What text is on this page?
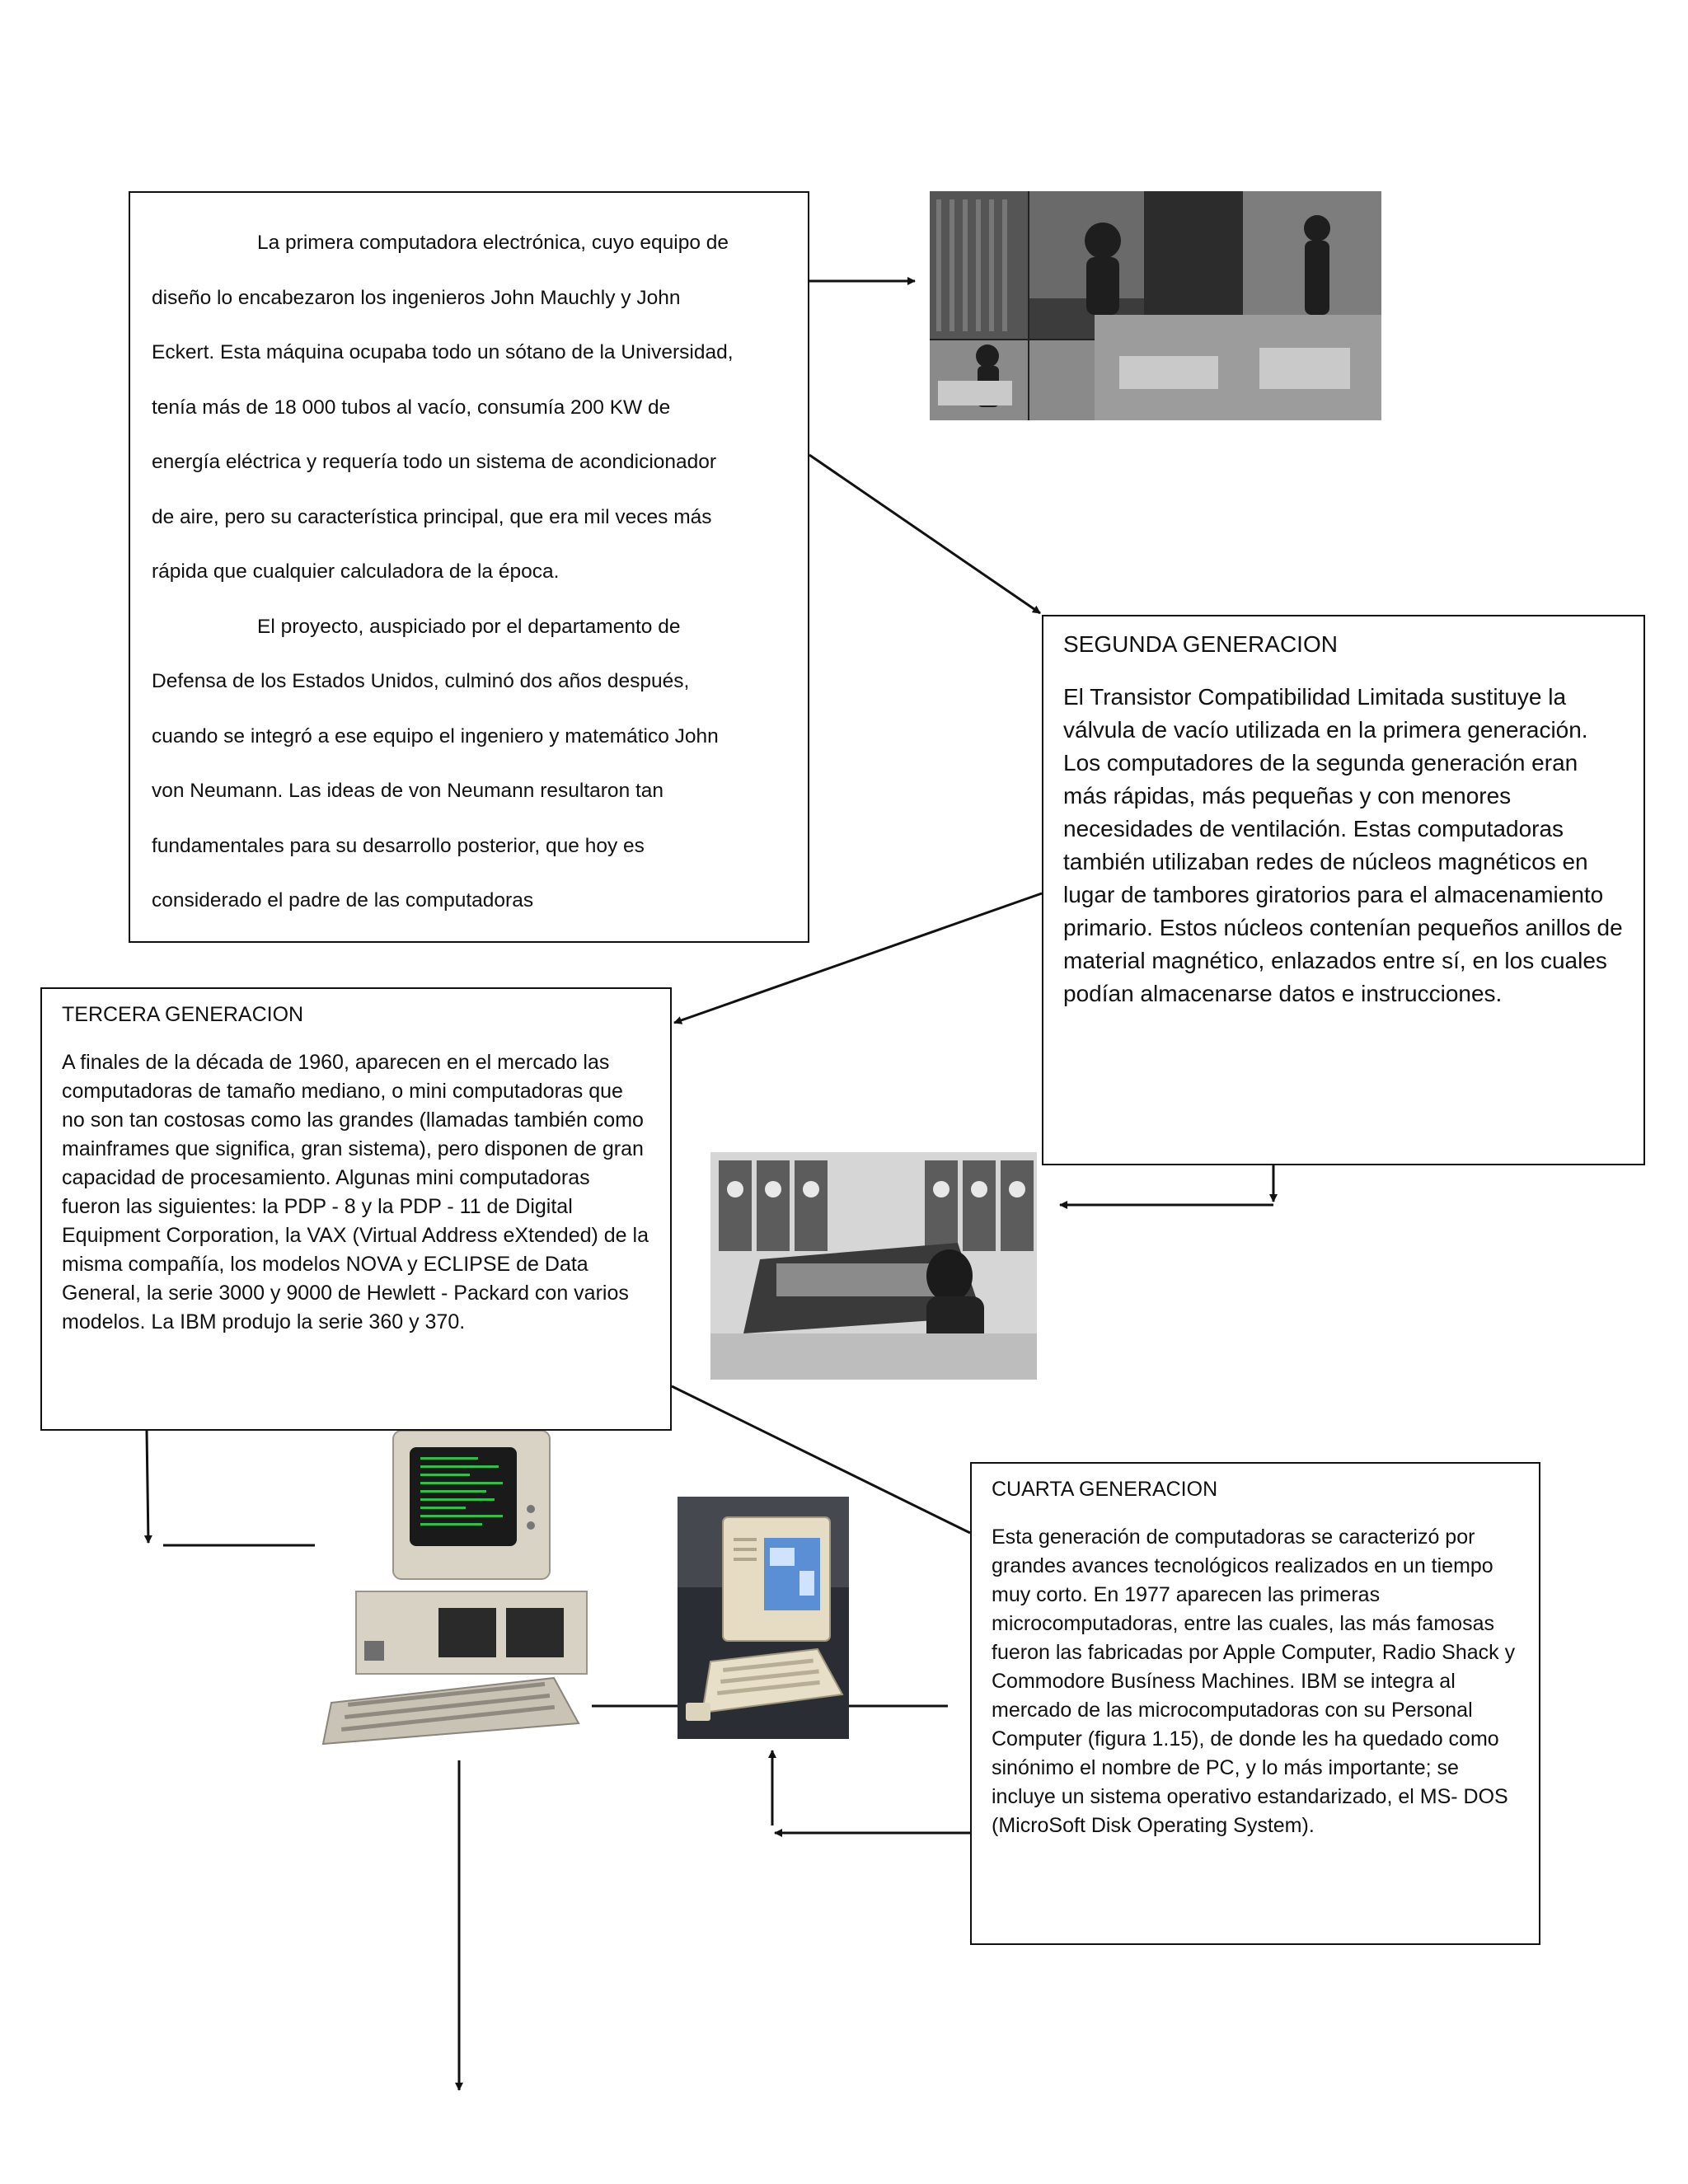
La primera computadora electrónica, cuyo equipo de

diseño lo encabezaron los ingenieros John Mauchly y John

Eckert. Esta máquina ocupaba todo un sótano de la Universidad,

tenía más de 18 000 tubos al vacío, consumía 200 KW de

energía eléctrica y requería todo un sistema de acondicionador

de aire, pero su característica principal, que era mil veces más

rápida que cualquier calculadora de la época.

El proyecto, auspiciado por el departamento de

Defensa de los Estados Unidos, culminó dos años después,

cuando se integró a ese equipo el ingeniero y matemático John

von Neumann. Las ideas de von Neumann resultaron tan

fundamentales para su desarrollo posterior, que hoy es

considerado el padre de las computadoras

SEGUNDA GENERACION

El Transistor Compatibilidad Limitada sustituye la válvula de vacío utilizada en la primera generación. Los computadores de la segunda generación eran más rápidas, más pequeñas y con menores necesidades de ventilación. Estas computadoras también utilizaban redes de núcleos magnéticos en lugar de tambores giratorios para el almacenamiento primario. Estos núcleos contenían pequeños anillos de material magnético, enlazados entre sí, en los cuales podían almacenarse datos e instrucciones.

TERCERA GENERACION

A finales de la década de 1960, aparecen en el mercado las computadoras de tamaño mediano, o mini computadoras que no son tan costosas como las grandes (llamadas también como mainframes que significa, gran sistema), pero disponen de gran capacidad de procesamiento. Algunas mini computadoras fueron las siguientes: la PDP - 8 y la PDP - 11 de Digital Equipment Corporation, la VAX (Virtual Address eXtended) de la misma compañía, los modelos NOVA y ECLIPSE de Data General, la serie 3000 y 9000 de Hewlett - Packard con varios modelos. La IBM produjo la serie 360 y 370.

CUARTA GENERACION

Esta generación de computadoras se caracterizó por grandes avances tecnológicos realizados en un tiempo muy corto. En 1977 aparecen las primeras microcomputadoras, entre las cuales, las más famosas fueron las fabricadas por Apple Computer, Radio Shack y Commodore Busíness Machines. IBM se integra al mercado de las microcomputadoras con su Personal Computer (figura 1.15), de donde les ha quedado como sinónimo el nombre de PC, y lo más importante; se incluye un sistema operativo estandarizado, el MS- DOS (MicroSoft Disk Operating System).
